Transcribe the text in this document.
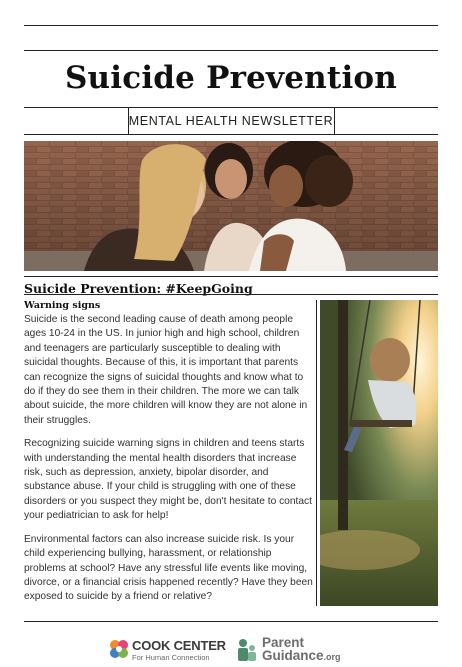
Suicide Prevention
MENTAL HEALTH NEWSLETTER
Suicide Prevention: #KeepGoing
Warning signs

Suicide is the second leading cause of death among people ages 10-24 in the US. In junior high and high school, children and teenagers are particularly susceptible to dealing with suicidal thoughts. Because of this, it is important that parents can recognize the signs of suicidal thoughts and know what to do if they do see them in their children. The more we can talk about suicide, the more children will know they are not alone in their struggles.

Recognizing suicide warning signs in children and teens starts with understanding the mental health disorders that increase risk, such as depression, anxiety, bipolar disorder, and substance abuse. If your child is struggling with one of these disorders or you suspect they might be, don't hesitate to contact your pediatrician to ask for help!

Environmental factors can also increase suicide risk. Is your child experiencing bullying, harassment, or relationship problems at school? Have any stressful life events like moving, divorce, or a financial crisis happened recently? Have they been exposed to suicide by a friend or relative?

COOK CENTER
For Human Connection
Parent
Guidance.org
